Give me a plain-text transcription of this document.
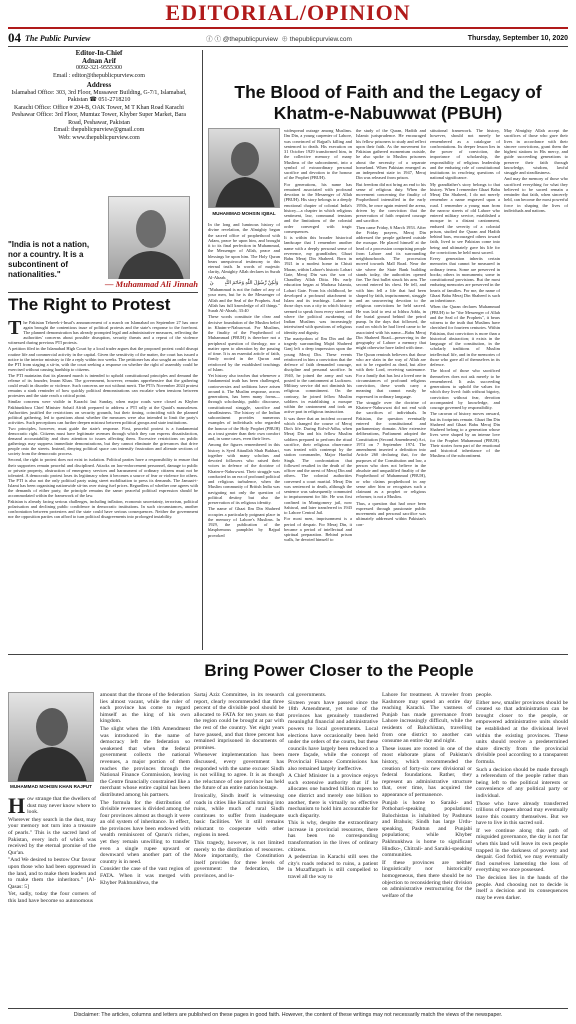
EDITORIAL/OPINION
04 The Public Purview	ⓕ ⓣ @thepublicpurview ⊕ thepublicpurview.com	Thursday, September 10, 2020
Editor-In-Chief
Adnan Arif
0092-321-9555300
Email : editor@thepublicpurview.com
Address
Islamabad Office: 303, 3rd Floor, Mussawer Building, G-7/1, Islamabad, Pakistan ☎ 051-2718210
Karachi Office: Office # 204-B, OAK Tower, M T Khan Road Karachi
Peshawar Office: 3rd Floor, Mumtaz Tower, Khyber Super Market, Bara Road, Peshawar, Pakistan
Email: thepublicpurview@gmail.com
Web: www.thepublicpurview.com
"India is not a nation, nor a country. It is a subcontinent of nationalities."
— Muhammad Ali Jinnah
The Right to Protest

The Pakistan Tehreek-i-Insaf's announcement of a march on Islamabad on September 27 has once again brought the contentious issue of political protests and the state's response to the forefront. The planned demonstration has already prompted legal and administrative measures, reflecting the authorities' concerns about possible disruption, security threats and a repeat of the violence witnessed during previous PTI protests.

A petition filed in the Islamabad High Court by a local trader argues that the proposed protest could disrupt routine life and commercial activity in the capital. Given the sensitivity of the matter, the court has issued a notice to the interior ministry to file a reply within two weeks. The petitioner has also sought an order to bar the PTI from staging a sit-in, with the court seeking a response on whether the right of assembly could be exercised without causing hardship to citizens.

The PTI maintains that its planned march is intended to uphold constitutional principles and demand the release of its founder, Imran Khan. The government, however, remains apprehensive that the gathering could result in disorder or violence. Such concerns are not without merit. The PTI's November 2024 protest remains a stark reminder of how quickly political demonstrations can escalate when tensions between protesters and the state reach a critical point.

Similar concerns were visible in Karachi last Sunday, when major roads were closed as Khyber Pakhtunkhwa Chief Minister Sohail Afridi prepared to address a PTI rally at the Quaid's mausoleum. Authorities justified the restrictions on security grounds, but their timing, coinciding with the planned political gathering, led to questions about whether the measures were also intended to limit the party's activities. Such perceptions can further deepen mistrust between political groups and state institutions.

Two principles, however, must guide the state's response. First, peaceful protest is a fundamental democratic right. Citizens must have legitimate avenues through which they can express dissatisfaction, demand accountability and draw attention to issues affecting them. Excessive restrictions on public gatherings may suppress immediate demonstrations, but they cannot eliminate the grievances that drive people onto the streets. Instead, denying political space can intensify frustration and alienate sections of society from the democratic process.

Second, the right to protest does not exist in isolation. Political parties have a responsibility to ensure that their supporters remain peaceful and disciplined. Attacks on law-enforcement personnel, damage to public or private property, obstruction of emergency services and harassment of ordinary citizens must not be tolerated. A democratic protest loses its legitimacy when it becomes a source of fear or violence for others. The PTI is also not the only political party using street mobilisation to press its demands. The Jamaat-i-Islami has been organising nationwide sit-ins over rising fuel prices. Regardless of whether one agrees with the demands of either party, the principle remains the same: peaceful political expression should be accommodated within the framework of the law.

Pakistan is already facing serious challenges, including inflation, economic uncertainty, terrorism, political polarisation and declining public confidence in democratic institutions. In such circumstances, another confrontation between protesters and the state could have serious consequences. Neither the government nor the opposition parties can afford to turn political disagreements into prolonged instability.

The Blood of Faith and the Legacy of Khatm-e-Nabuwwat (PBUH)
MUHAMMAD MOHSIN IQBAL

In the long and luminous history of divine revelation, the Almighty began the sacred office of prophethood with Adam, peace be upon him, and brought it to its final perfection in Muhammad, the Messenger of Allah, peace and blessings be upon him. The Holy Quran bears unequivocal testimony to this eternal truth. In words of majestic clarity, Almighty Allah declares in Surah Al-Ahzab.

وَلٰكِنْ رَّسُوْلَ اللّٰهِ وَخَاتَمَ النَّبِيّٖنَ

"Muhammad is not the father of any of your men, but he is the Messenger of Allah and the Seal of the Prophets. And Allah has full knowledge of all things." Surah Al-Ahzab, 33:40

These words constitute the clear and decisive foundation of the Muslim belief in Khatm-e-Nabuwwat. For Muslims, the finality of the Prophethood of Muhammad (PBUH) is therefore not a peripheral question of theology, nor a matter open to alteration by the passing of time. It is an essential article of faith, firmly rooted in the Quran and reinforced by the established teachings of Islam.

Yet history also teaches that whenever a fundamental truth has been challenged, controversies and seditions have arisen around it. The Muslim response, across generations, has been many forms—through scholarship, public discourse, constitutional struggle, sacrifice and steadfastness. The history of the Indian subcontinent provides numerous examples of individuals who regarded the honour of the Holy Prophet (PBUH) as a trust greater than their own comfort and, in some cases, even their lives.

Among the figures remembered in this history is Syed Attaullah Shah Bukhari, together with many scholars and devoted followers who raised their voices in defence of the doctrine of Khatm-e-Nabuwwat. Their struggle was conducted in an era of profound political and religious turbulence, when the Muslim community of British India was navigating not only the question of political destiny but also the preservation of its religious identity.

The name of Ghazi Ilm Din Shaheed occupies a particularly poignant place in the memory of Lahore's Muslims. In 1929, the publication of the blasphemous pamphlet by Rajpal provoked

widespread outrage among Muslims. Ilm Din, a young carpenter of Lahore, was convinced of Rajpal's killing and sentenced to death. His execution on 31 October 1929 transformed him, in the collective memory of many Muslims of the subcontinent, into a symbol of extraordinary personal sacrifice and devotion to the honour of the Prophet (PBUH).

For generations, his name has remained associated with profound devotion to the Messenger of Allah (PBUH). His story belongs to a deeply emotional chapter of colonial India's history—a chapter in which religious sentiment, law, communal tensions and the limitations of the colonial order converged with tragic consequences.

It is within this broader historical landscape that I remember another name with a deeply personal sense of reverence, my grandfather, Ghazi Babu Meraj Din Shaheed. Born in 1921 in a modest home in Chiuti Maran, within Lahore's historic Lohari Gate, Meraj Din was the son of Chaudhry Allah Ditta. His early education began at Madrasa Islamia, Lohari Gate. From his childhood, he developed a profound attachment to Islam and its teachings. Lahore in those days was a city in which history seemed to speak from every street and where the political awakening of Indian Muslims was increasingly intertwined with questions of religious identity and dignity.

The martyrdom of Ilm Din and the tragedy surrounding Majid Shaheed Ganj left a deep impression upon the young Meraj Din. These events reinforced in him a conviction that the defence of faith demanded courage, discipline and personal sacrifice. In 1940, he joined the army and was posted to the cantonment at Lucknow. Military service did not diminish his religious commitment. On the contrary, he joined fellow Muslim soldiers in establishing a mosque within the cantonment and took an active part in religious instruction.

It was there that an incident occurred which changed the course of Meraj Din's life. During Eid-ul-Adha, when Meraj Din and his fellow Muslim soldiers prepared to perform the ritual sacrifice, their religious observance was treated with contempt by the station commander, Major Hardial Singh. The confrontation that followed resulted in the death of the officer and the arrest of Meraj Din and others. The colonial authorities convened a court martial. Meraj Din was sentenced to death, although the sentence was subsequently commuted to imprisonment for life. He was first confined in Montgomery jail, now Sahiwal, and later transferred in 1943 to Lahore Central Jail.

For most men, imprisonment is a period of despair. For Meraj Din, it became a period of intellectual and spiritual preparation. Behind prison walls, he devoted himself to

the study of the Quran, Hadith and Islamic jurisprudence. He encouraged his fellow prisoners to study and reflect upon their faith. As the movement for Pakistan gathered momentum outside, he also spoke to Muslim prisoners about the necessity of a separate homeland. When Pakistan emerged as an independent state in 1947, Meraj Din was released from prison.

But freedom did not bring an end to his sense of religious duty. When the movement concerning the finality of Prophethood intensified in the early 1950s, he once again entered the arena, driven by the conviction that the preservation of faith required courage and sacrifice.

Then came Friday, 6 March 1953. After the Friday prayers, Meraj Din addressed the people gathered outside the mosque. He placed himself at the head of a procession comprising people from Lahore and its surrounding neighbourhoods. The procession moved towards Mall Road. Near the site where the State Bank building stands today, the authorities opened fire. The first bullet struck his arm. The second entered his chest. He fell, and with him fell a life that had been shaped by faith, imprisonment, struggle and an unwavering devotion to the religious convictions he held sacred. He was laid to rest at Ichhra Adda, in the burial ground behind the petrol pump. In the days that followed, the road on which he had lived came to be associated with his name—Babu Meraj Din Shaheed Road—preserving in the geography of Lahore a memory that might otherwise have faded with time.

The Quran reminds believers that those who are slain in the way of Allah are not to be regarded as dead, but alive with their Lord, receiving sustenance. For a family that has lost a loved one in circumstances of profound religious conviction, these words carry a meaning that cannot easily be expressed in ordinary language.

The struggle over the doctrine of Khatm-e-Nabuwwat did not end with the sacrifices of individuals. In Pakistan, the question eventually entered the constitutional and parliamentary domain. After extensive deliberations, Parliament adopted the Constitution (Second Amendment) Act, 1974 on 7 September 1974. The amendment inserted a definition into Article 260 declaring that, for the purposes of the Constitution and law, a person who does not believe in the absolute and unqualified finality of the Prophethood of Muhammad (PBUH), or who claims prophethood in any sense after him or recognises such a claimant as a prophet or religious reformer, is not a Muslim.

Thus, a question that had once been expressed through passionate public movements and personal sacrifice was ultimately addressed within Pakistan's con-

stitutional framework. The history, however, should not merely be remembered as a catalogue of confrontations. Its deeper lesson lies in the power of conviction, the importance of scholarship, the responsibility of religious leadership and the enduring role of constitutional institutions in resolving questions of national significance.

My grandfather's story belongs to that history. When I remember Ghazi Babu Meraj Din Shaheed, I do not merely remember a name engraved upon a road. I remember a young man from the narrow streets of old Lahore who entered military service, established a mosque in a distant cantonment, endured the severity of a colonial prison, studied the Quran and Hadith behind bars, encouraged others toward faith, lived to see Pakistan come into being and ultimately gave his life for the convictions he held most sacred.

Every generation inherits certain memories that cannot be measured in ordinary terms. Some are preserved in books; others in monuments; some in constitutional provisions. But the most enduring memories are preserved in the hearts of families. For me, the name of Ghazi Babu Meraj Din Shaheed is such an inheritance.

When the Quran declares Muhammad (PBUH) to be "the Messenger of Allah and the Seal of the Prophets", it bears witness to the truth that Muslims have cherished for fourteen centuries. Within Pakistan, that conviction is more than a historical abstraction; it exists in the language of the constitution, in the scholarly traditions of Muslim intellectual life, and in the memories of those who gave all of themselves in its defence.

The blood of those who sacrificed themselves does not ask merely to be remembered. It asks succeeding generations to uphold the values for which they lived: faith without bigotry, conviction without fear, devotion accompanied by knowledge, and courage governed by responsibility.

The caravan of history moves onward, but its footprints remain. Ghazi Ilm Din Shaheed and Ghazi Babu Meraj Din Shaheed belong to a generation whose lives were shaped by an intense love for the Prophet Muhammad (PBUH). Their stories form part of the emotional and historical inheritance of the Muslims of the subcontinent.

May Almighty Allah accept the sacrifices of those who gave their lives in accordance with their sincere convictions, grant them the highest stations in His mercy, and guide succeeding generations to preserve their faith through knowledge, wisdom, lawful struggle and steadfastness.

And may the memory of those who sacrificed everything for what they believed to be sacred remain a reminder that faith, when sincerely held, can become the most powerful force in shaping the lives of individuals and nations.

Bring Power Closer to the People
MUHAMMAD MOHSIN KHAN RAJPUT

How strange that the dwellers of dust may never know where to look.

Wherever they search in the dust, may your memory not turn into a treasure of pearls." This is the sacred land of Pakistan, every inch of which was received by the eternal promise of the Qur'an.

"And We desired to bestow Our favour upon those who had been oppressed in the land, and to make them leaders and to make them the inheritors." [Al-Qasas: 5]

Yet, sadly, today the four corners of this land have become so autonomous

amount that the throne of the federation lies almost vacant, while the ruler of each province has come to regard himself as the king of his own kingdom.

The slight when the 18th Amendment was introduced in the name of democracy left the federation so weakened that when the federal government collects the national revenues, a major portion of them reaches the provinces through the National Finance Commission, leaving the Centre financially constrained like a merchant whose entire capital has been distributed among his partners.

The formula for the distribution of divisible revenues is divided among the four provinces almost as though it were an old system of inheritance. In effect, the provinces have been endowed with wealth reminiscent of Qarun's riches, yet they remain unwilling to transfer even a single rupee upward or downward when another part of the country is in need.

Consider the case of the vast region of FATA. When it was merged with Khyber Pakhtunkhwa, the

Sartaj Aziz Committee, in its research report, clearly recommended that three percent of the divisible pool should be allocated to FATA for ten years so that the region could be brought at par with the rest of the country. Yet eight years have passed, and that three percent has remained imprisoned in documents of promises.

Whenever implementation has been discussed, every government has responded with the same excuse: Sindh is not willing to agree. It is as though the reluctance of one province has held the future of an entire nation hostage.

Ironically, Sindh itself is witnessing roads in cities like Karachi turning into ruins, while much of rural Sindh continues to suffer from inadequate basic facilities. Yet it still remains reluctant to cooperate with other regions in need.

This tragedy, however, is not limited merely to the distribution of resources. More importantly, the Constitution itself provides for three levels of government: the federation, the provinces, and lo-

cal governments.

Sixteen years have passed since the 18th Amendment, yet none of the provinces has genuinely transferred meaningful financial and administrative powers to local governments. Local elections have occasionally been held under the orders of the courts, but these councils have largely been reduced to a mere façade, while the concept of Provincial Finance Commissions has also remained largely ineffective.

A Chief Minister in a province enjoys such extensive authority that if he allocates one hundred billion rupees to one district and merely one billion to another, there is virtually no effective mechanism to hold him accountable for such disparity.

This is why, despite the extraordinary increase in provincial resources, there has been no corresponding transformation in the lives of ordinary citizens.

A pedestrian in Karachi still sees the city's roads reduced to ruins, a patient in Muzaffargarh is still compelled to travel all the way to

Lahore for treatment. A traveler from Kashmore may spend an entire day reaching Karachi. The vastness of Punjab has made governance from Lahore increasingly difficult, while the residents of Baluchistan, travelling from one district to another can consume an entire day and night.

These issues are rooted in one of the most elaborate plans of Pakistan's history, which recommended the creation of forty-six new divisional or federal foundations. Rather, they represent an administrative structure that, over time, has acquired the appearance of permanence.

Punjab is home to Saraiki- and Pothohari-speaking populations; Balochistan is inhabited by Pashtuns and Brahuis; Sindh has large Urdu-speaking, Pashtun and Punjabi populations; while Khyber Pakhtunkhwa is home to significant Hindko-, Chitrali- and Saraiki-speaking communities.

If these provinces are neither linguistically nor historically homogeneous, then there should be no objection to reconsidering their division on administrative restructuring for the welfare of the

people.

Either new, smaller provinces should be created so that administration can be brought closer to the people, or empowered administrative units should be established at the divisional level within the existing provinces. These units should receive a predetermined share directly from the provincial divisible pool according to a transparent formula.

Such a decision should be made through a referendum of the people rather than being left to the political interests or convenience of any political party or individual.

Those who have already transferred trillions of rupees abroad may eventually leave this country themselves. But we have to live in this sacred soil.

If we continue along this path of misguided governance, the day is not far when this land will leave its own people trapped in the darkness of poverty and despair. God forbid, we may eventually find ourselves lamenting the loss of everything we once possessed.

The decision lies in the hands of the people. And choosing not to decide is itself a decision and its consequences may be even darker.

Disclaimer: The articles, columns and letters are published on these pages in good faith. However, the content of these writings may not necessarily match the views of the newspaper.
